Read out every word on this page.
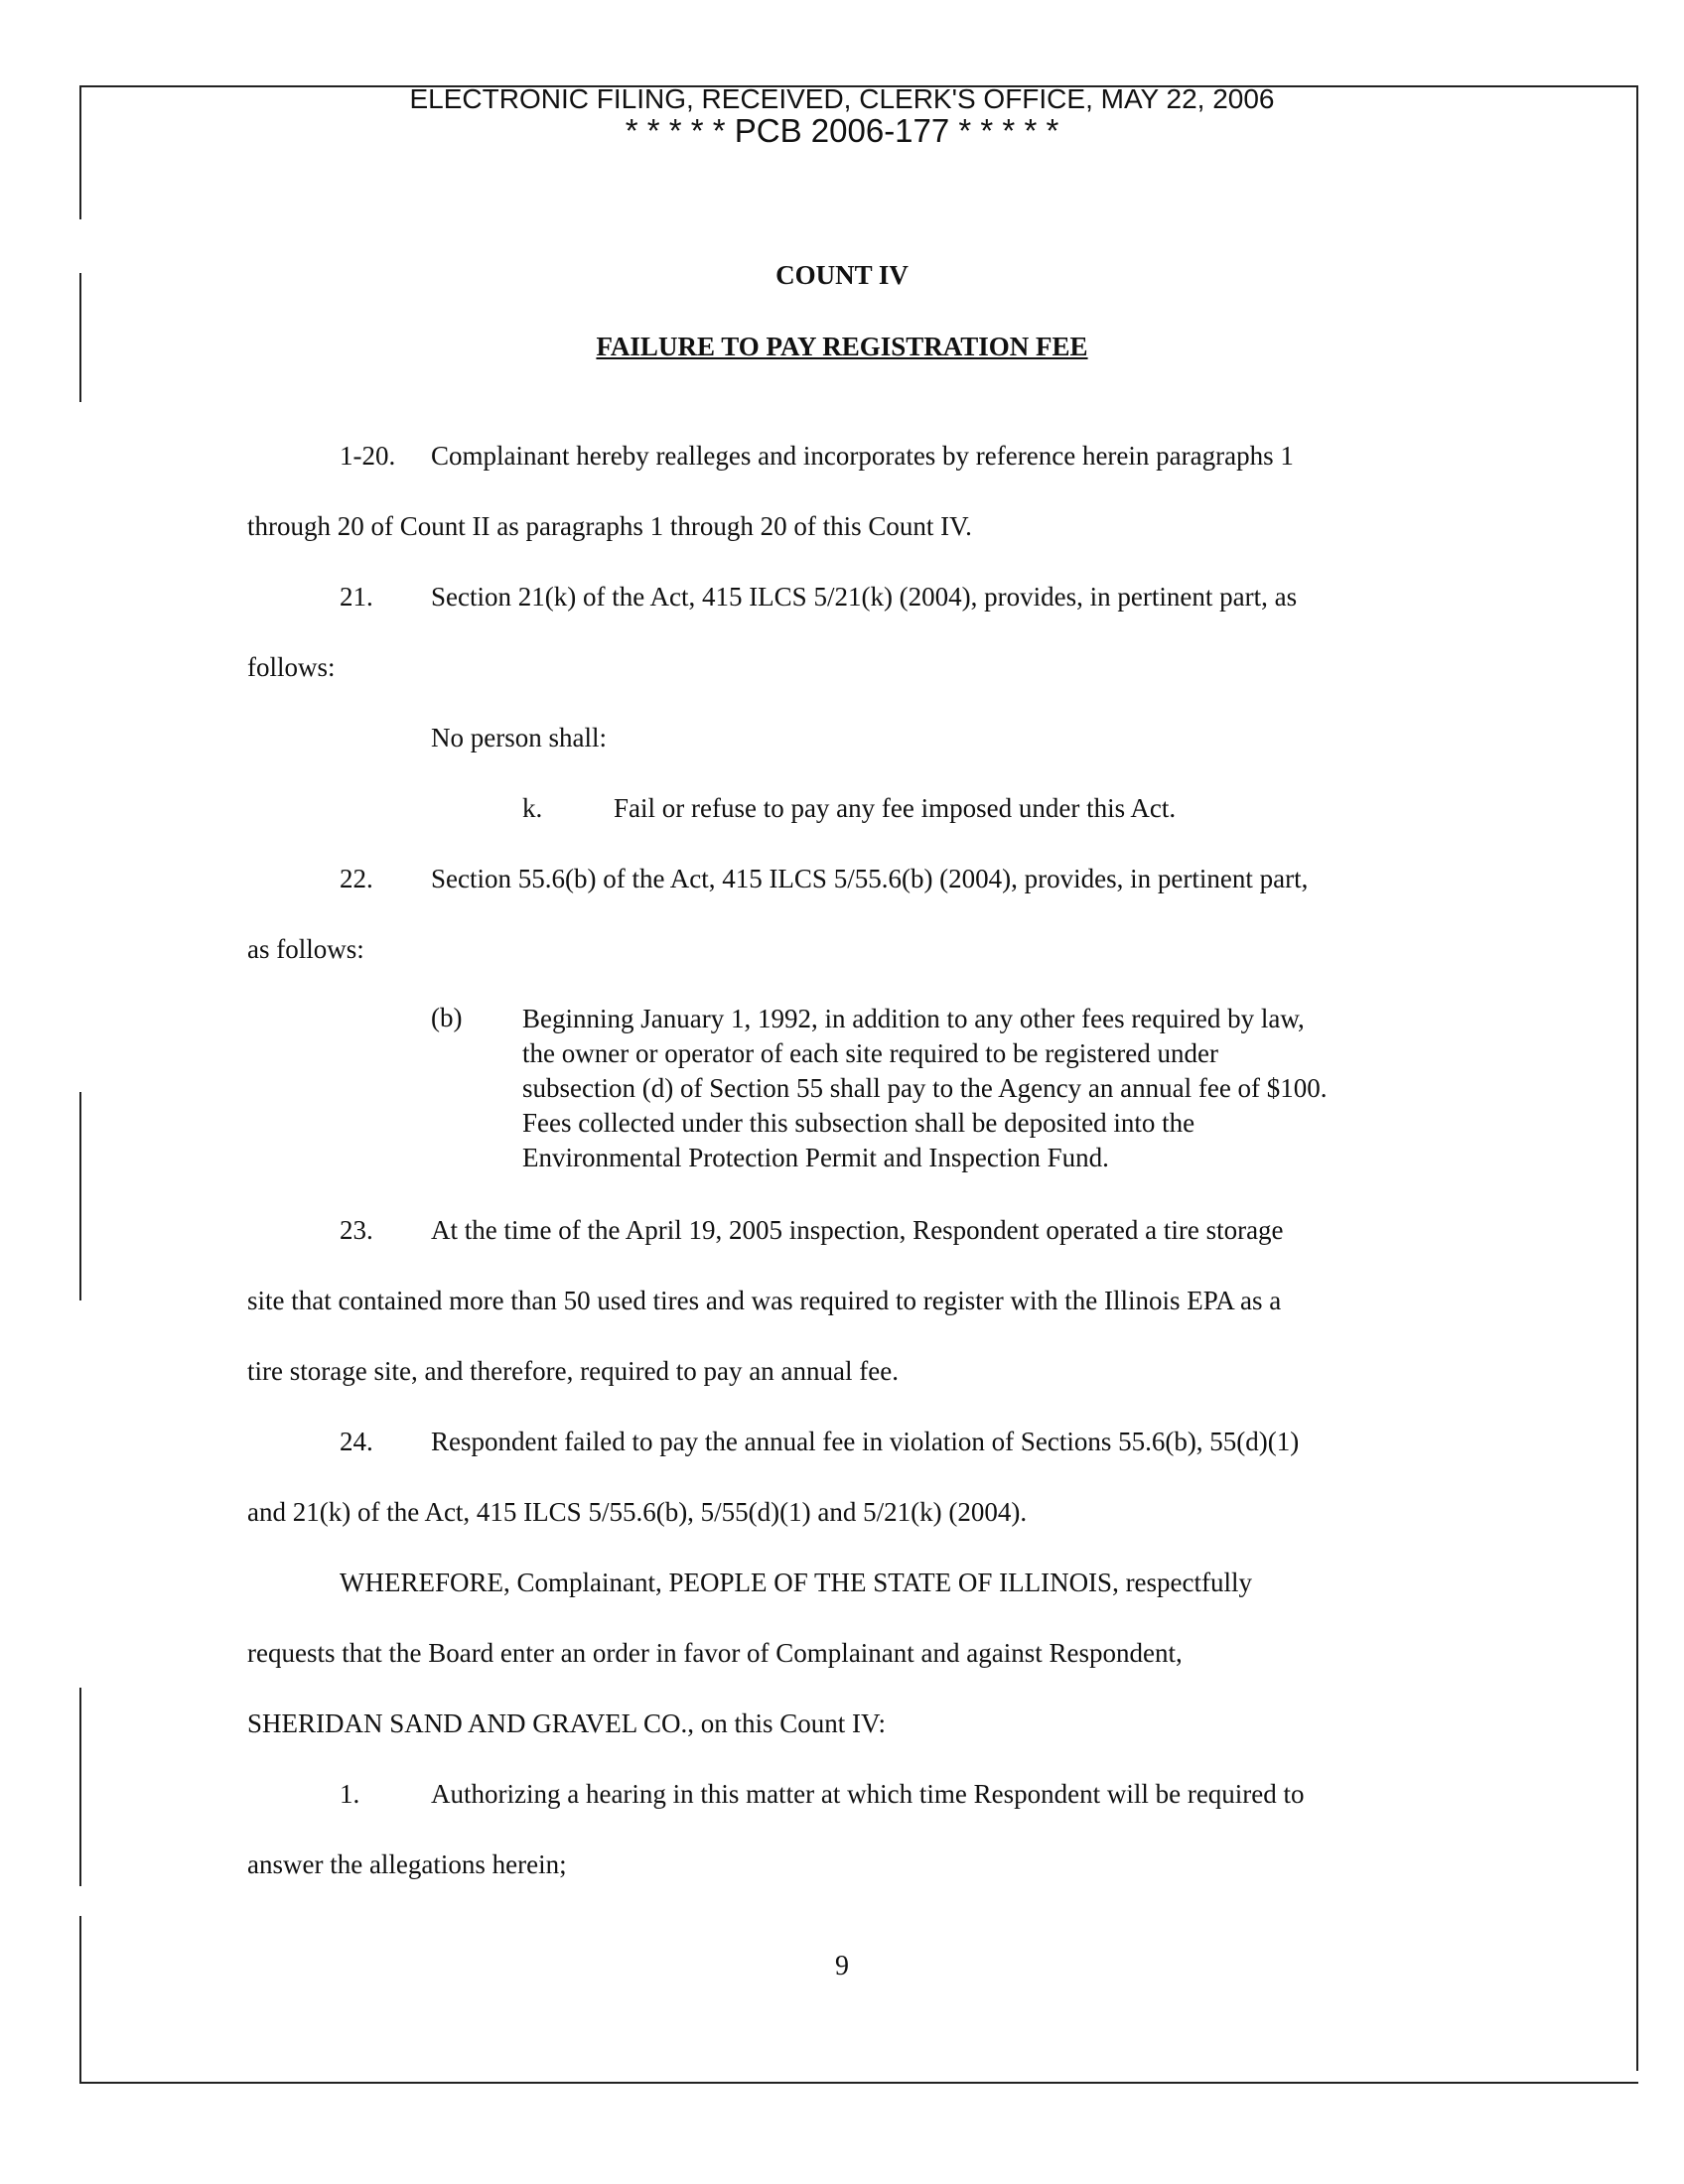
ELECTRONIC FILING, RECEIVED, CLERK'S OFFICE, MAY 22, 2006
* * * * * PCB 2006-177 * * * * *
COUNT IV
FAILURE TO PAY REGISTRATION FEE
1-20. Complainant hereby realleges and incorporates by reference herein paragraphs 1
through 20 of Count II as paragraphs 1 through 20 of this Count IV.
21. Section 21(k) of the Act, 415 ILCS 5/21(k) (2004), provides, in pertinent part, as
follows:
No person shall:
k.	Fail or refuse to pay any fee imposed under this Act.
22. Section 55.6(b) of the Act, 415 ILCS 5/55.6(b) (2004), provides, in pertinent part,
as follows:
(b) Beginning January 1, 1992, in addition to any other fees required by law,
the owner or operator of each site required to be registered under
subsection (d) of Section 55 shall pay to the Agency an annual fee of $100.
Fees collected under this subsection shall be deposited into the
Environmental Protection Permit and Inspection Fund.
23. At the time of the April 19, 2005 inspection, Respondent operated a tire storage
site that contained more than 50 used tires and was required to register with the Illinois EPA as a
tire storage site, and therefore, required to pay an annual fee.
24. Respondent failed to pay the annual fee in violation of Sections 55.6(b), 55(d)(1)
and 21(k) of the Act, 415 ILCS 5/55.6(b), 5/55(d)(1) and 5/21(k) (2004).
WHEREFORE, Complainant, PEOPLE OF THE STATE OF ILLINOIS, respectfully
requests that the Board enter an order in favor of Complainant and against Respondent,
SHERIDAN SAND AND GRAVEL CO., on this Count IV:
1.	Authorizing a hearing in this matter at which time Respondent will be required to
answer the allegations herein;
9
